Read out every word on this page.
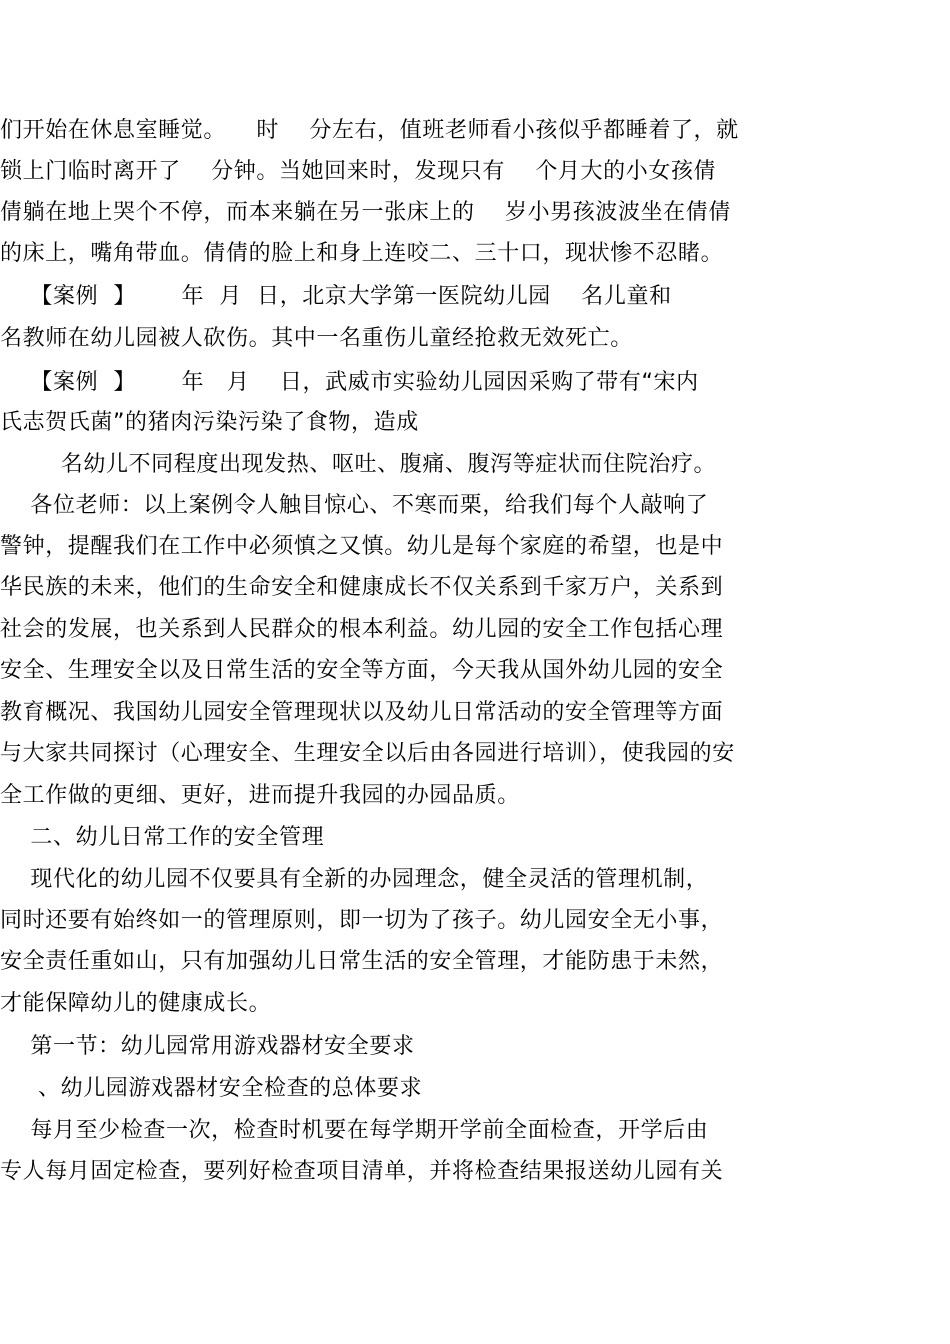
们开始在休息室睡觉。    时    分左右，值班老师看小孩似乎都睡着了，就
锁上门临时离开了    分钟。当她回来时，发现只有    个月大的小女孩倩
倩躺在地上哭个不停，而本来躺在另一张床上的    岁小男孩波波坐在倩倩
的床上，嘴角带血。倩倩的脸上和身上连咬二、三十口，现状惨不忍睹。
【案例  】      年  月  日，北京大学第一医院幼儿园    名儿童和
名教师在幼儿园被人砍伤。其中一名重伤儿童经抢救无效死亡。
【案例  】      年   月    日，武威市实验幼儿园因采购了带有“宋内
氏志贺氏菌”的猪肉污染污染了食物，造成
名幼儿不同程度出现发热、呕吐、腹痛、腹泻等症状而住院治疗。
各位老师：以上案例令人触目惊心、不寒而栗，给我们每个人敲响了
警钟，提醒我们在工作中必须慎之又慎。幼儿是每个家庭的希望，也是中
华民族的未来，他们的生命安全和健康成长不仅关系到千家万户，关系到
社会的发展，也关系到人民群众的根本利益。幼儿园的安全工作包括心理
安全、生理安全以及日常生活的安全等方面，今天我从国外幼儿园的安全
教育概况、我国幼儿园安全管理现状以及幼儿日常活动的安全管理等方面
与大家共同探讨（心理安全、生理安全以后由各园进行培训），使我园的安
全工作做的更细、更好，进而提升我园的办园品质。
二、幼儿日常工作的安全管理
现代化的幼儿园不仅要具有全新的办园理念，健全灵活的管理机制，
同时还要有始终如一的管理原则，即一切为了孩子。幼儿园安全无小事，
安全责任重如山，只有加强幼儿日常生活的安全管理，才能防患于未然，
才能保障幼儿的健康成长。
第一节：幼儿园常用游戏器材安全要求
、幼儿园游戏器材安全检查的总体要求
每月至少检查一次，检查时机要在每学期开学前全面检查，开学后由
专人每月固定检查，要列好检查项目清单，并将检查结果报送幼儿园有关
